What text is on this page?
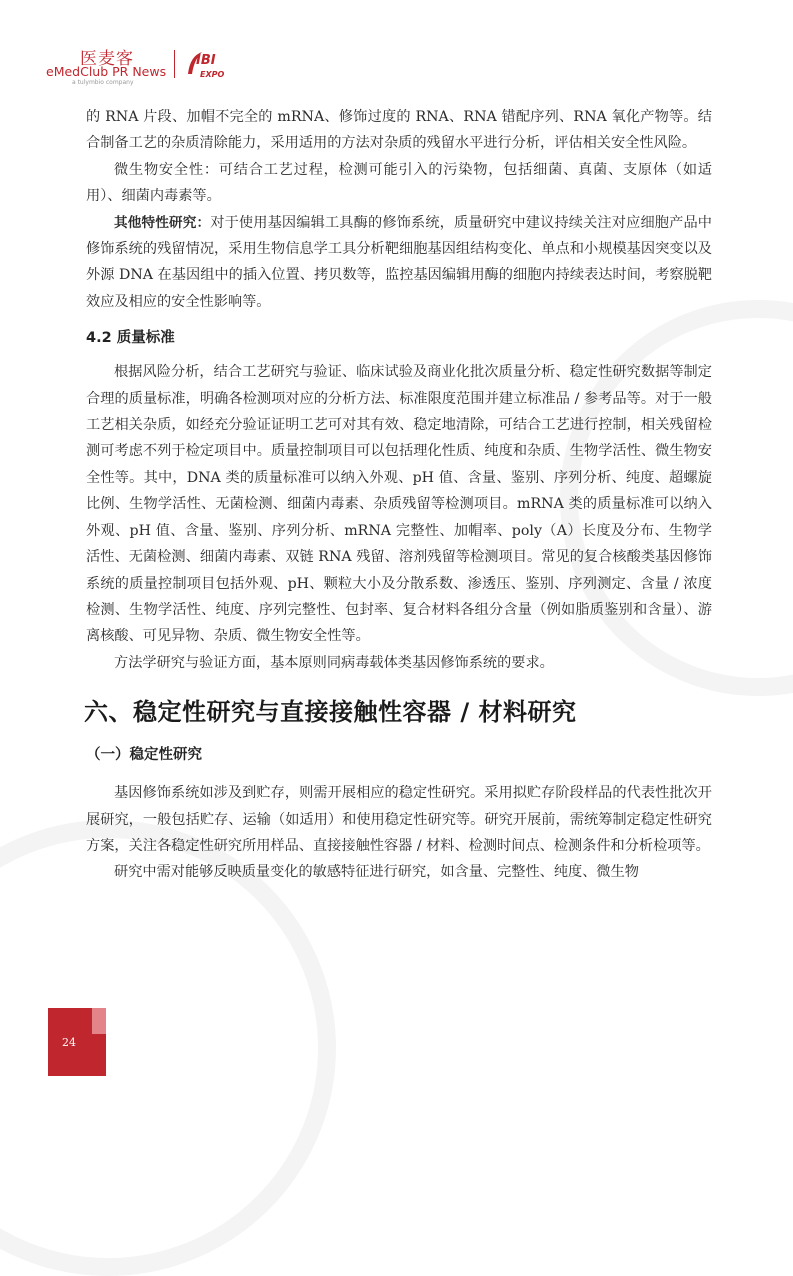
医麦客
eMedClub PR News
a tulymbio company
IBI
EXPO

的 RNA 片段、加帽不完全的 mRNA、修饰过度的 RNA、RNA 错配序列、RNA 氧化产物等。结合制备工艺的杂质清除能力，采用适用的方法对杂质的残留水平进行分析，评估相关安全性风险。

微生物安全性：可结合工艺过程，检测可能引入的污染物，包括细菌、真菌、支原体（如适用）、细菌内毒素等。

其他特性研究：对于使用基因编辑工具酶的修饰系统，质量研究中建议持续关注对应细胞产品中修饰系统的残留情况，采用生物信息学工具分析靶细胞基因组结构变化、单点和小规模基因突变以及外源 DNA 在基因组中的插入位置、拷贝数等，监控基因编辑用酶的细胞内持续表达时间，考察脱靶效应及相应的安全性影响等。

4.2 质量标准

根据风险分析，结合工艺研究与验证、临床试验及商业化批次质量分析、稳定性研究数据等制定合理的质量标准，明确各检测项对应的分析方法、标准限度范围并建立标准品 / 参考品等。对于一般工艺相关杂质，如经充分验证证明工艺可对其有效、稳定地清除，可结合工艺进行控制，相关残留检测可考虑不列于检定项目中。质量控制项目可以包括理化性质、纯度和杂质、生物学活性、微生物安全性等。其中，DNA 类的质量标准可以纳入外观、pH 值、含量、鉴别、序列分析、纯度、超螺旋比例、生物学活性、无菌检测、细菌内毒素、杂质残留等检测项目。mRNA 类的质量标准可以纳入外观、pH 值、含量、鉴别、序列分析、mRNA 完整性、加帽率、poly（A）长度及分布、生物学活性、无菌检测、细菌内毒素、双链 RNA 残留、溶剂残留等检测项目。常见的复合核酸类基因修饰系统的质量控制项目包括外观、pH、颗粒大小及分散系数、渗透压、鉴别、序列测定、含量 / 浓度检测、生物学活性、纯度、序列完整性、包封率、复合材料各组分含量（例如脂质鉴别和含量）、游离核酸、可见异物、杂质、微生物安全性等。

方法学研究与验证方面，基本原则同病毒载体类基因修饰系统的要求。

六、稳定性研究与直接接触性容器 / 材料研究
（一）稳定性研究

基因修饰系统如涉及到贮存，则需开展相应的稳定性研究。采用拟贮存阶段样品的代表性批次开展研究，一般包括贮存、运输（如适用）和使用稳定性研究等。研究开展前，需统筹制定稳定性研究方案，关注各稳定性研究所用样品、直接接触性容器 / 材料、检测时间点、检测条件和分析检项等。

研究中需对能够反映质量变化的敏感特征进行研究，如含量、完整性、纯度、微生物

24
